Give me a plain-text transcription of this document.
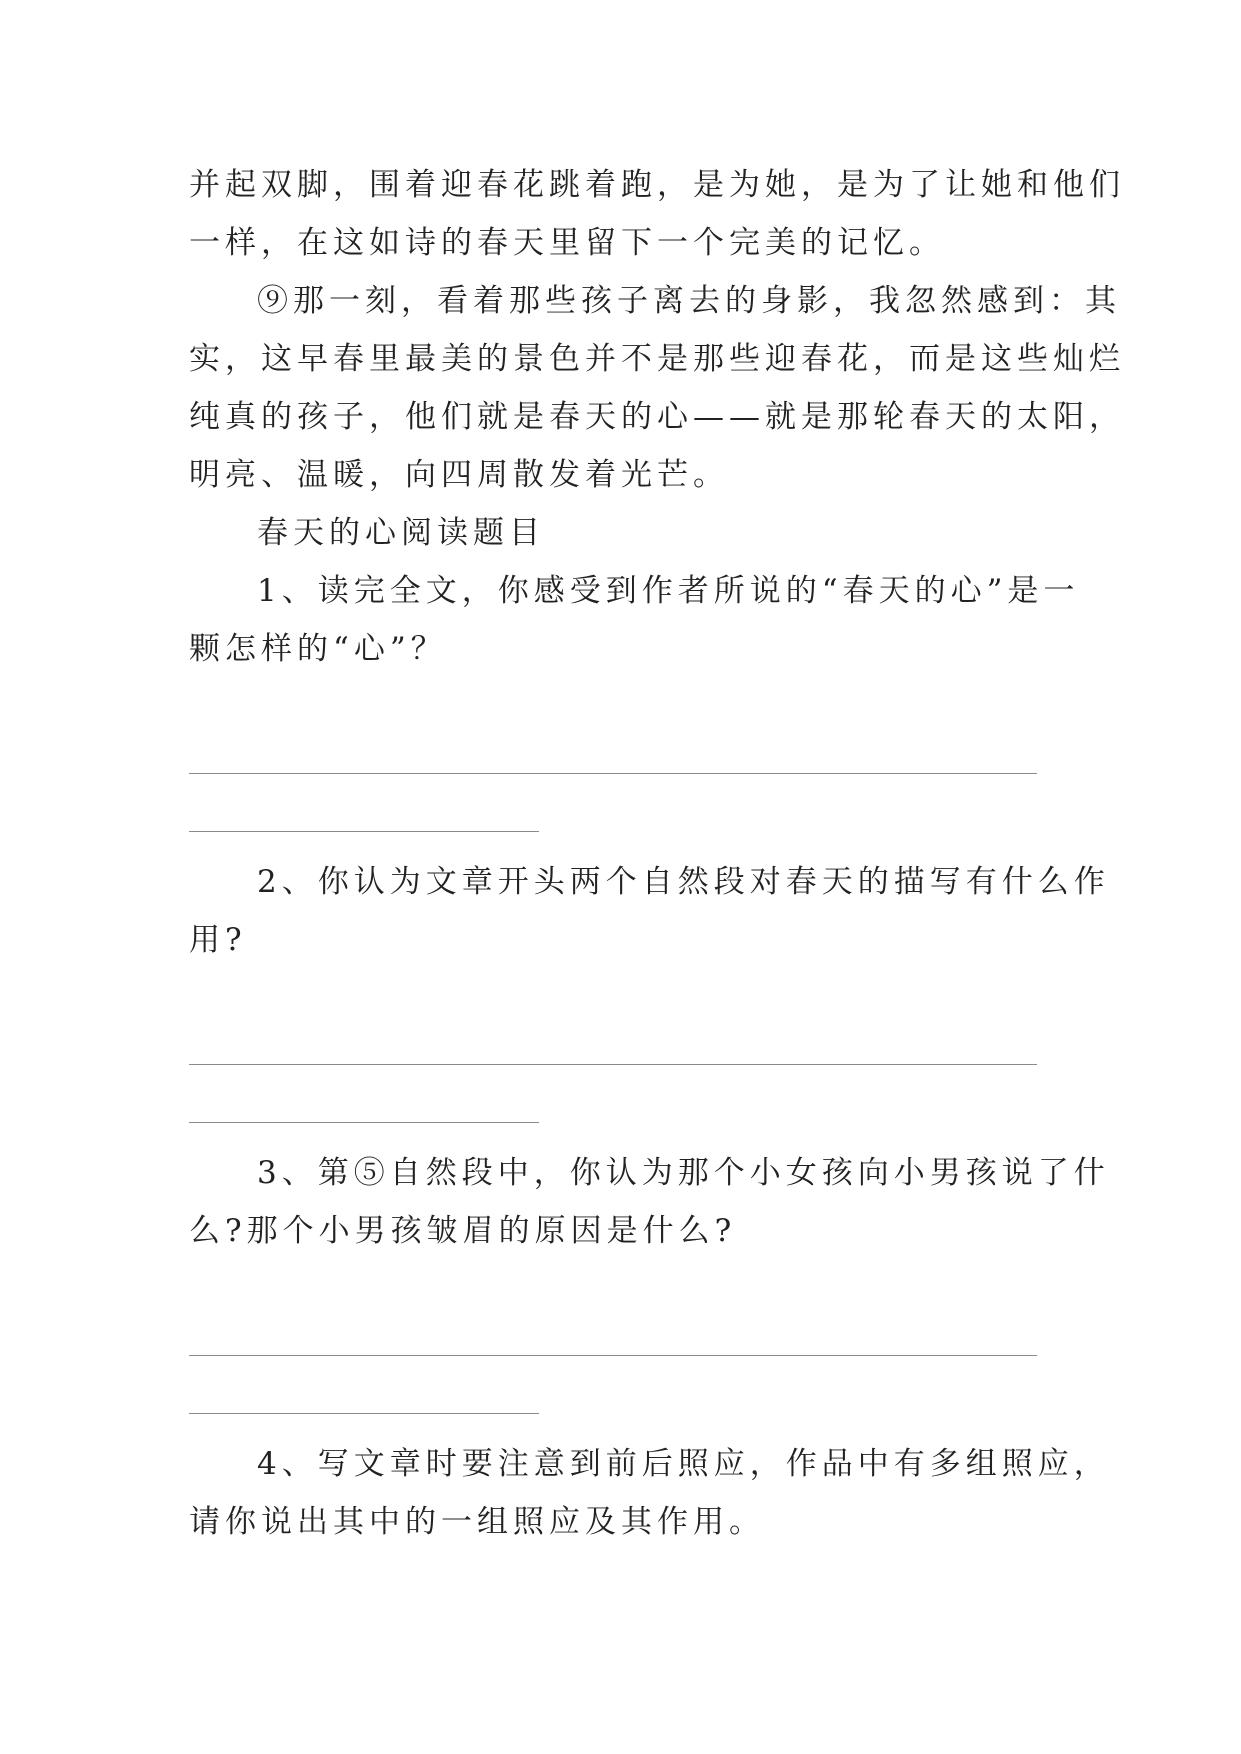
并起双脚，围着迎春花跳着跑，是为她，是为了让她和他们
一样，在这如诗的春天里留下一个完美的记忆。
⑨那一刻，看着那些孩子离去的身影，我忽然感到：其
实，这早春里最美的景色并不是那些迎春花，而是这些灿烂
纯真的孩子，他们就是春天的心——就是那轮春天的太阳，
明亮、温暖，向四周散发着光芒。
春天的心阅读题目
1、读完全文，你感受到作者所说的“春天的心”是一
颗怎样的“心”？
2、你认为文章开头两个自然段对春天的描写有什么作
用?
3、第⑤自然段中，你认为那个小女孩向小男孩说了什
么?那个小男孩皱眉的原因是什么?
4、写文章时要注意到前后照应，作品中有多组照应，
请你说出其中的一组照应及其作用。
